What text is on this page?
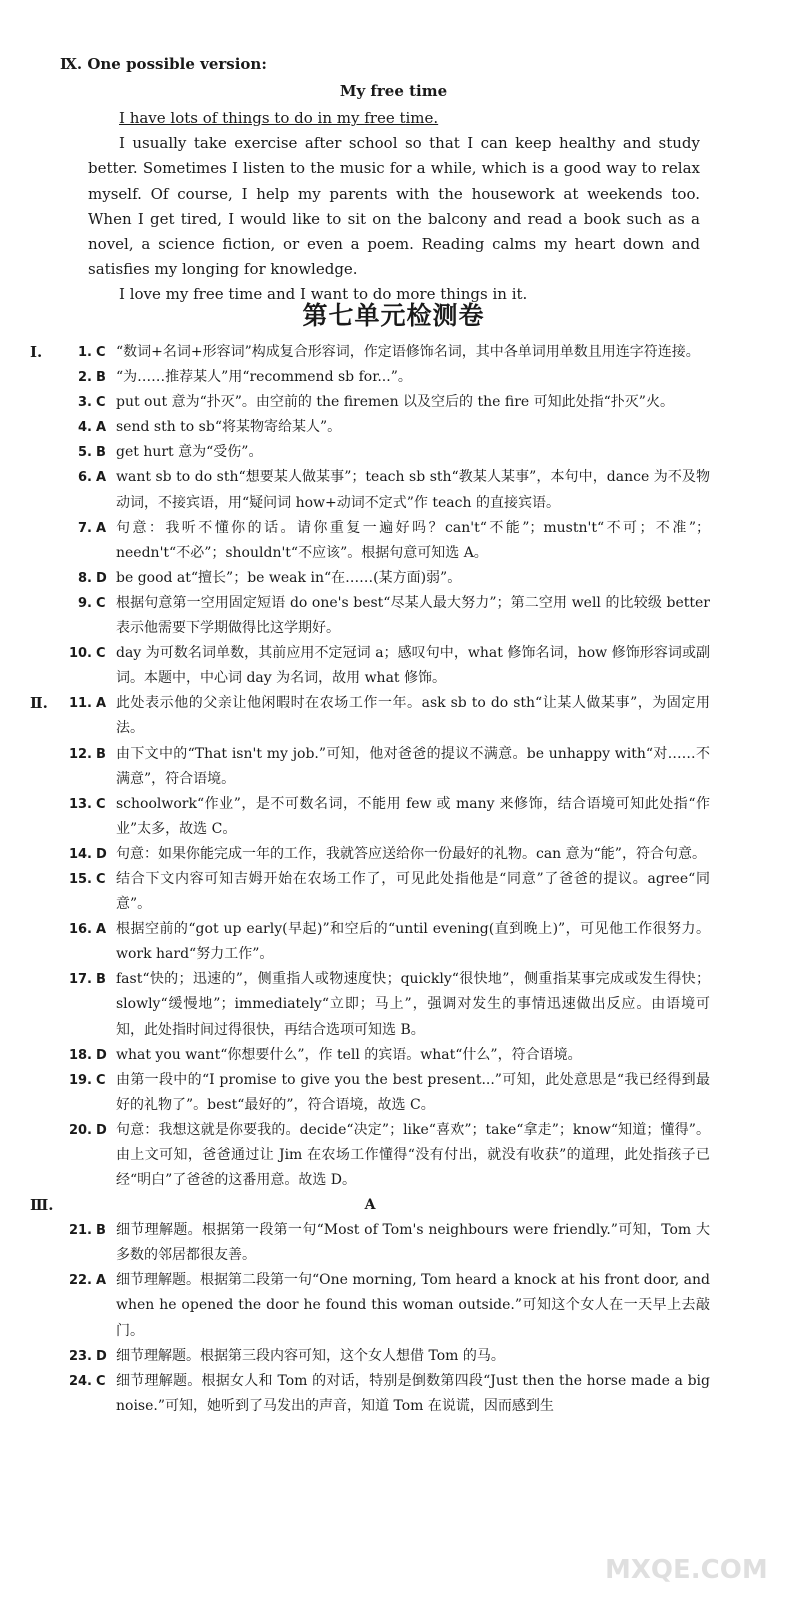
Ⅸ. One possible version:
My free time

I have lots of things to do in my free time.

I usually take exercise after school so that I can keep healthy and study better. Sometimes I listen to the music for a while, which is a good way to relax myself. Of course, I help my parents with the housework at weekends too. When I get tired, I would like to sit on the balcony and read a book such as a novel, a science fiction, or even a poem. Reading calms my heart down and satisfies my longing for knowledge.

I love my free time and I want to do more things in it.

第七单元检测卷
Ⅰ.	1. C “数词+名词+形容词”构成复合形容词，作定语修饰名词，其中各单词用单数且用连字符连接。
2. B “为……推荐某人”用“recommend sb for...”。
3. C put out 意为“扑灭”。由空前的 the firemen 以及空后的 the fire 可知此处指“扑灭”火。
4. A send sth to sb“将某物寄给某人”。
5. B get hurt 意为“受伤”。
6. A want sb to do sth“想要某人做某事”；teach sb sth“教某人某事”，本句中，dance 为不及物动词，不接宾语，用“疑问词 how+动词不定式”作 teach 的直接宾语。
7. A 句意：我听不懂你的话。请你重复一遍好吗？can't“不能”；mustn't“不可；不准”；needn't“不必”；shouldn't“不应该”。根据句意可知选 A。
8. D be good at“擅长”；be weak in“在……(某方面)弱”。
9. C 根据句意第一空用固定短语 do one's best“尽某人最大努力”；第二空用 well 的比较级 better 表示他需要下学期做得比这学期好。
10. C day 为可数名词单数，其前应用不定冠词 a；感叹句中，what 修饰名词，how 修饰形容词或副词。本题中，中心词 day 为名词，故用 what 修饰。
Ⅱ.	11. A 此处表示他的父亲让他闲暇时在农场工作一年。ask sb to do sth“让某人做某事”，为固定用法。
12. B 由下文中的“That isn't my job.”可知，他对爸爸的提议不满意。be unhappy with“对……不满意”，符合语境。
13. C schoolwork“作业”，是不可数名词，不能用 few 或 many 来修饰，结合语境可知此处指“作业”太多，故选 C。
14. D 句意：如果你能完成一年的工作，我就答应送给你一份最好的礼物。can 意为“能”，符合句意。
15. C 结合下文内容可知吉姆开始在农场工作了，可见此处指他是“同意”了爸爸的提议。agree“同意”。
16. A 根据空前的“got up early(早起)”和空后的“until evening(直到晚上)”，可见他工作很努力。work hard“努力工作”。
17. B fast“快的；迅速的”，侧重指人或物速度快；quickly“很快地”，侧重指某事完成或发生得快；slowly“缓慢地”；immediately“立即；马上”，强调对发生的事情迅速做出反应。由语境可知，此处指时间过得很快，再结合选项可知选 B。
18. D what you want“你想要什么”，作 tell 的宾语。what“什么”，符合语境。
19. C 由第一段中的“I promise to give you the best present...”可知，此处意思是“我已经得到最好的礼物了”。best“最好的”，符合语境，故选 C。
20. D 句意：我想这就是你要我的。decide“决定”；like“喜欢”；take“拿走”；know“知道；懂得”。由上文可知，爸爸通过让 Jim 在农场工作懂得“没有付出，就没有收获”的道理，此处指孩子已经“明白”了爸爸的这番用意。故选 D。
Ⅲ.	A
21. B 细节理解题。根据第一段第一句“Most of Tom's neighbours were friendly.”可知，Tom 大多数的邻居都很友善。
22. A 细节理解题。根据第二段第一句“One morning, Tom heard a knock at his front door, and when he opened the door he found this woman outside.”可知这个女人在一天早上去敲门。
23. D 细节理解题。根据第三段内容可知，这个女人想借 Tom 的马。
24. C 细节理解题。根据女人和 Tom 的对话，特别是倒数第四段“Just then the horse made a big noise.”可知，她听到了马发出的声音，知道 Tom 在说谎，因而感到生
MXQE.COM
